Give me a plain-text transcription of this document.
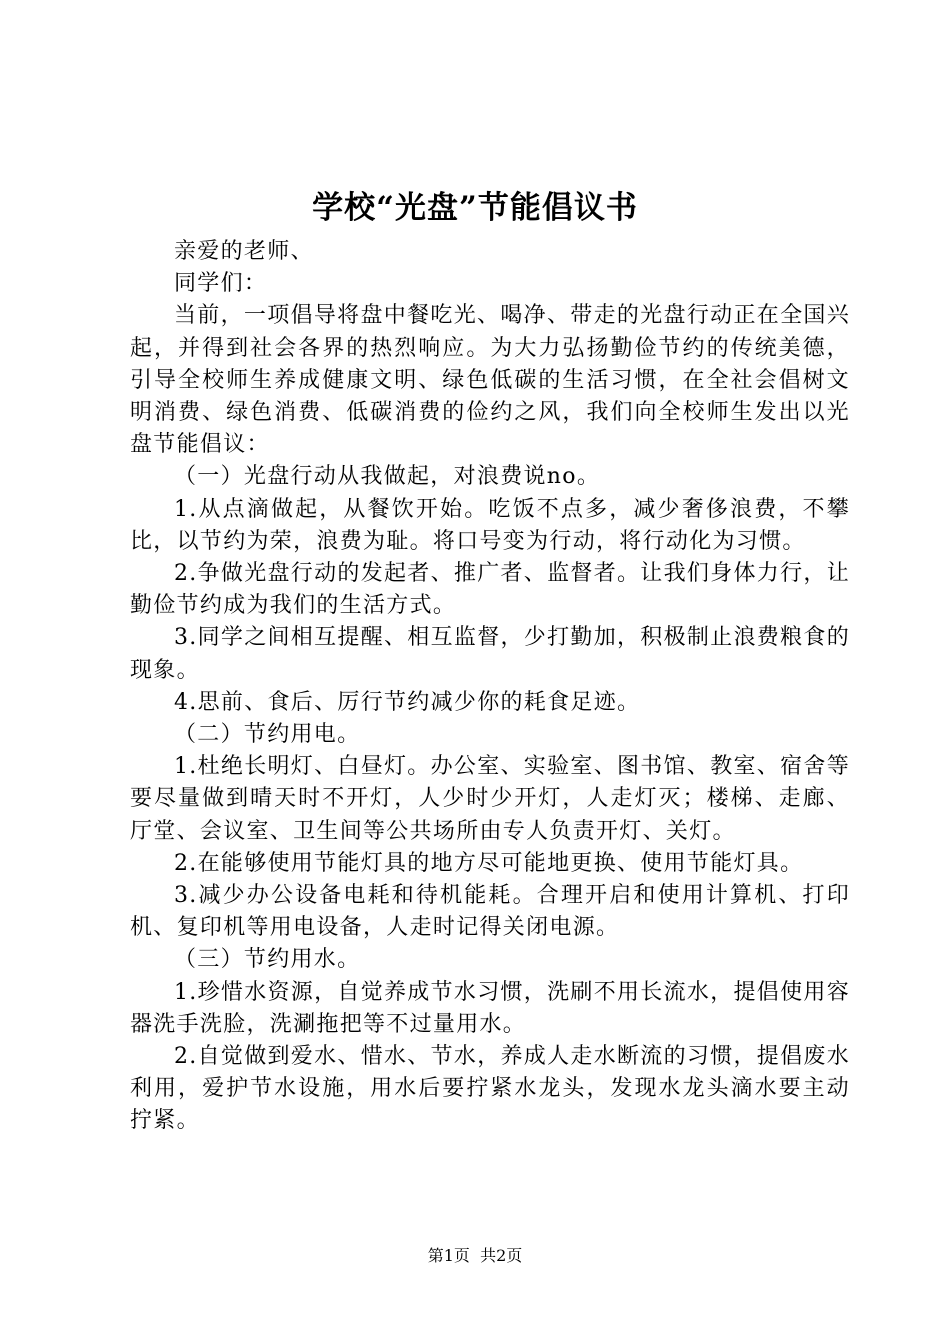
学校“光盘”节能倡议书

亲爱的老师、

同学们：

当前，一项倡导将盘中餐吃光、喝净、带走的光盘行动正在全国兴起，并得到社会各界的热烈响应。为大力弘扬勤俭节约的传统美德，引导全校师生养成健康文明、绿色低碳的生活习惯，在全社会倡树文明消费、绿色消费、低碳消费的俭约之风，我们向全校师生发出以光盘节能倡议：

（一）光盘行动从我做起，对浪费说no。

1.从点滴做起，从餐饮开始。吃饭不点多，减少奢侈浪费，不攀比，以节约为荣，浪费为耻。将口号变为行动，将行动化为习惯。

2.争做光盘行动的发起者、推广者、监督者。让我们身体力行，让勤俭节约成为我们的生活方式。

3.同学之间相互提醒、相互监督，少打勤加，积极制止浪费粮食的现象。

4.思前、食后、厉行节约减少你的耗食足迹。

（二）节约用电。

1.杜绝长明灯、白昼灯。办公室、实验室、图书馆、教室、宿舍等要尽量做到晴天时不开灯，人少时少开灯，人走灯灭；楼梯、走廊、厅堂、会议室、卫生间等公共场所由专人负责开灯、关灯。

2.在能够使用节能灯具的地方尽可能地更换、使用节能灯具。

3.减少办公设备电耗和待机能耗。合理开启和使用计算机、打印机、复印机等用电设备，人走时记得关闭电源。

（三）节约用水。

1.珍惜水资源，自觉养成节水习惯，洗刷不用长流水，提倡使用容器洗手洗脸，洗涮拖把等不过量用水。

2.自觉做到爱水、惜水、节水，养成人走水断流的习惯，提倡废水利用，爱护节水设施，用水后要拧紧水龙头，发现水龙头滴水要主动拧紧。

第1页 共2页
